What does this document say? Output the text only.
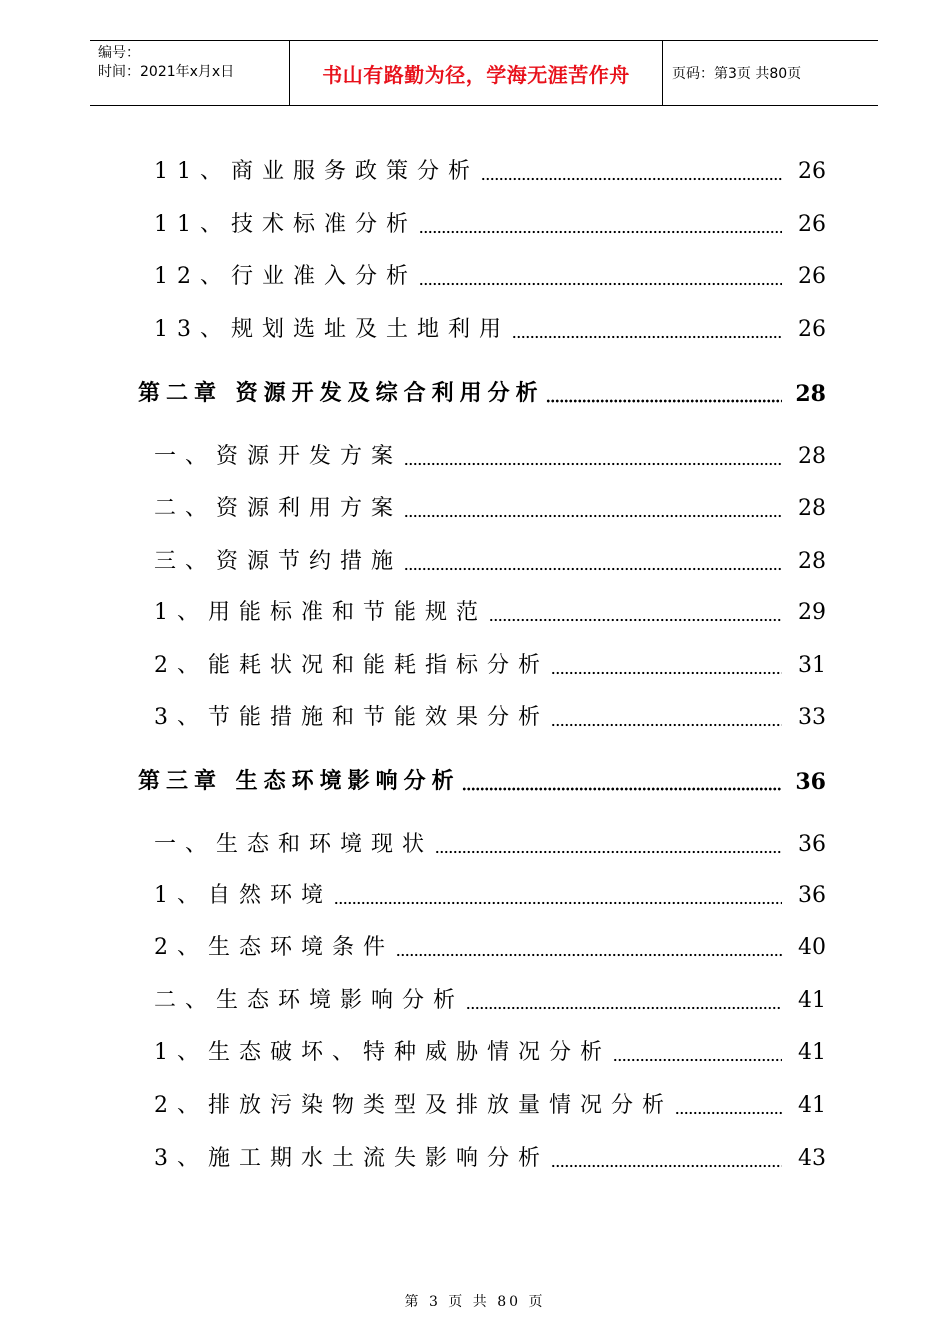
编号：
时间：2021年x月x日	书山有路勤为径，学海无涯苦作舟	页码：第3页 共80页
11、商业服务政策分析	26
11、技术标准分析	26
12、行业准入分析	26
13、规划选址及土地利用	26
第二章 资源开发及综合利用分析	28
一、资源开发方案	28
二、资源利用方案	28
三、资源节约措施	28
1、用能标准和节能规范	29
2、能耗状况和能耗指标分析	31
3、节能措施和节能效果分析	33
第三章 生态环境影响分析	36
一、生态和环境现状	36
1、自然环境	36
2、生态环境条件	40
二、生态环境影响分析	41
1、生态破坏、特种威胁情况分析	41
2、排放污染物类型及排放量情况分析	41
3、施工期水土流失影响分析	43
第 3 页 共 80 页
